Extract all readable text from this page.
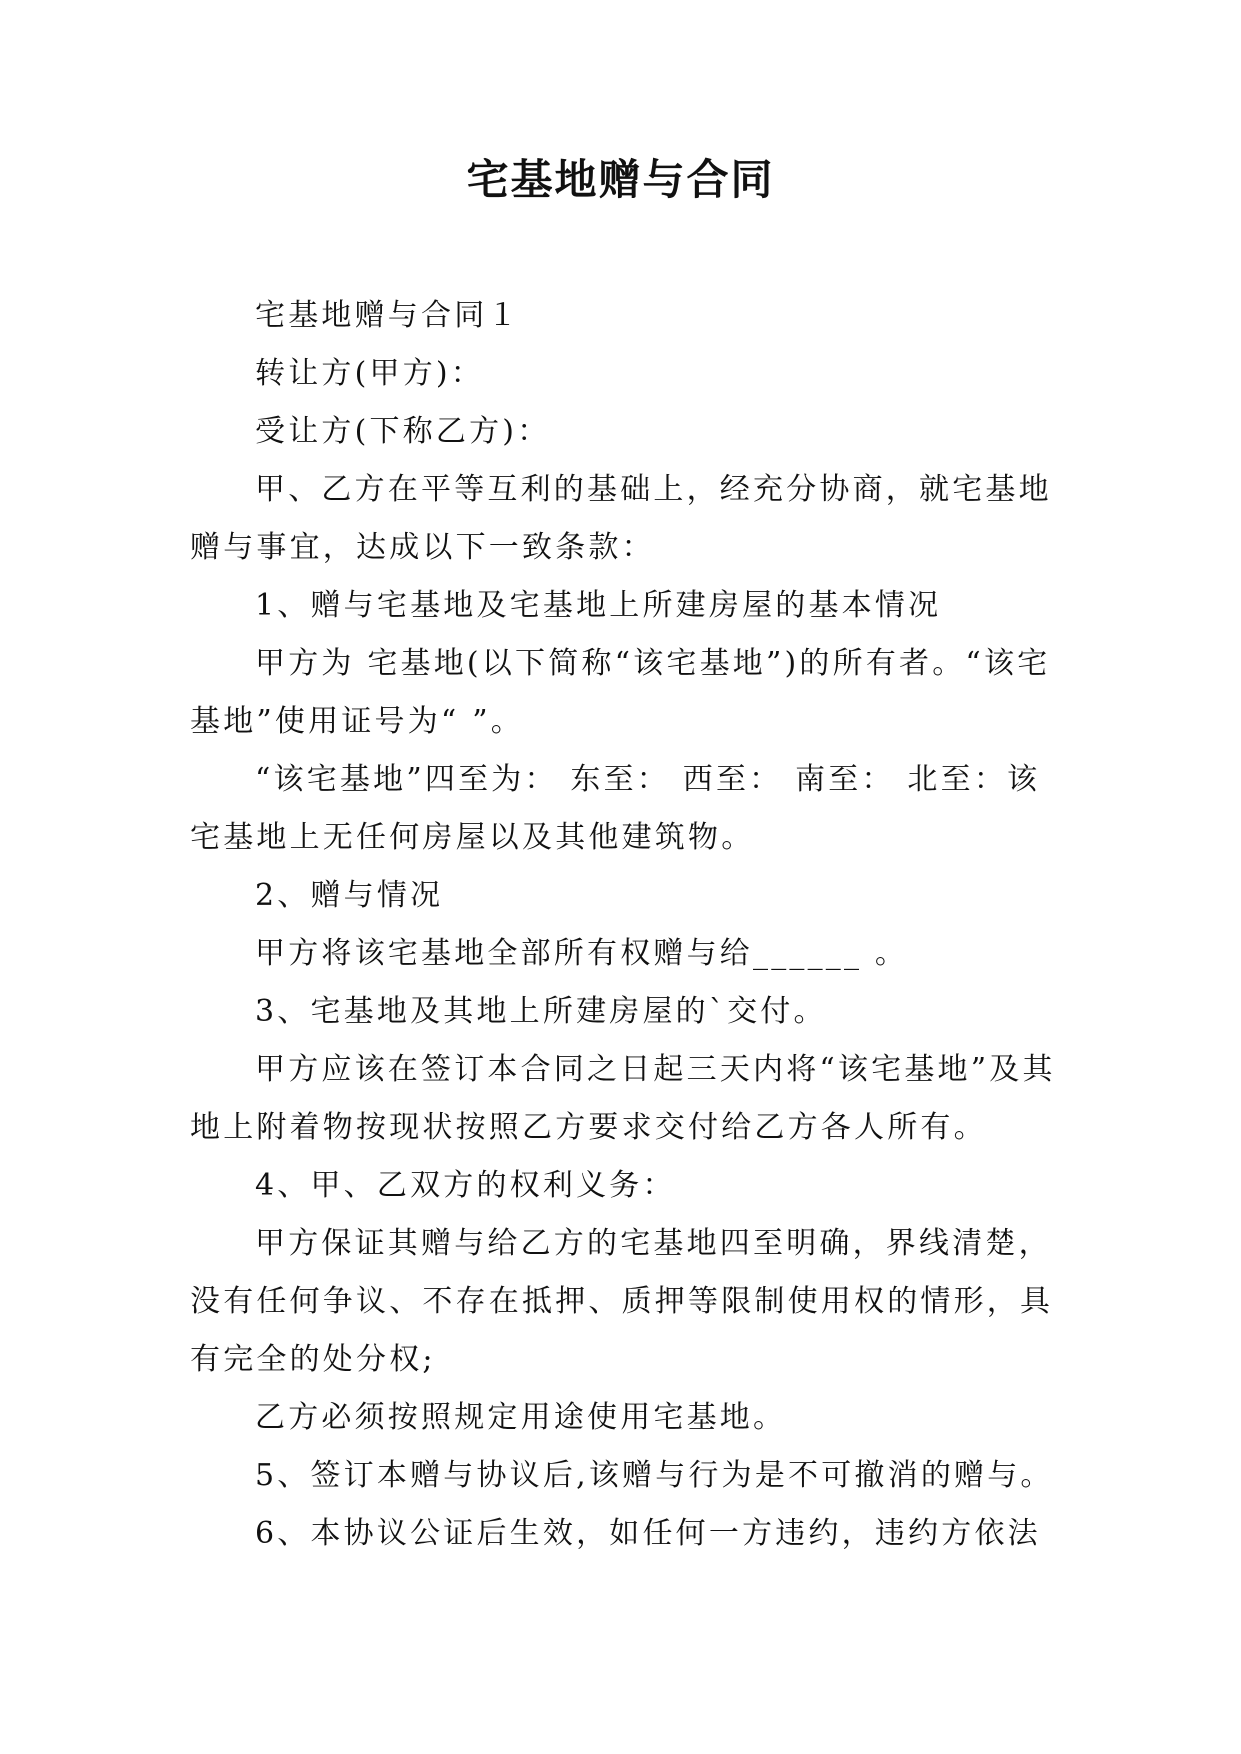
宅基地赠与合同

宅基地赠与合同１

转让方(甲方)：

受让方(下称乙方)：

甲、乙方在平等互利的基础上，经充分协商，就宅基地赠与事宜，达成以下一致条款：

1、赠与宅基地及宅基地上所建房屋的基本情况

甲方为 宅基地(以下简称“该宅基地”)的所有者。“该宅基地”使用证号为“ ”。

“该宅基地”四至为： 东至： 西至： 南至： 北至：该宅基地上无任何房屋以及其他建筑物。

2、赠与情况

甲方将该宅基地全部所有权赠与给______ 。

3、宅基地及其地上所建房屋的`交付。

甲方应该在签订本合同之日起三天内将“该宅基地”及其地上附着物按现状按照乙方要求交付给乙方各人所有。

4、甲、乙双方的权利义务：

甲方保证其赠与给乙方的宅基地四至明确，界线清楚，没有任何争议、不存在抵押、质押等限制使用权的情形，具有完全的处分权;

乙方必须按照规定用途使用宅基地。

5、签订本赠与协议后,该赠与行为是不可撤消的赠与。

6、本协议公证后生效，如任何一方违约，违约方依法
